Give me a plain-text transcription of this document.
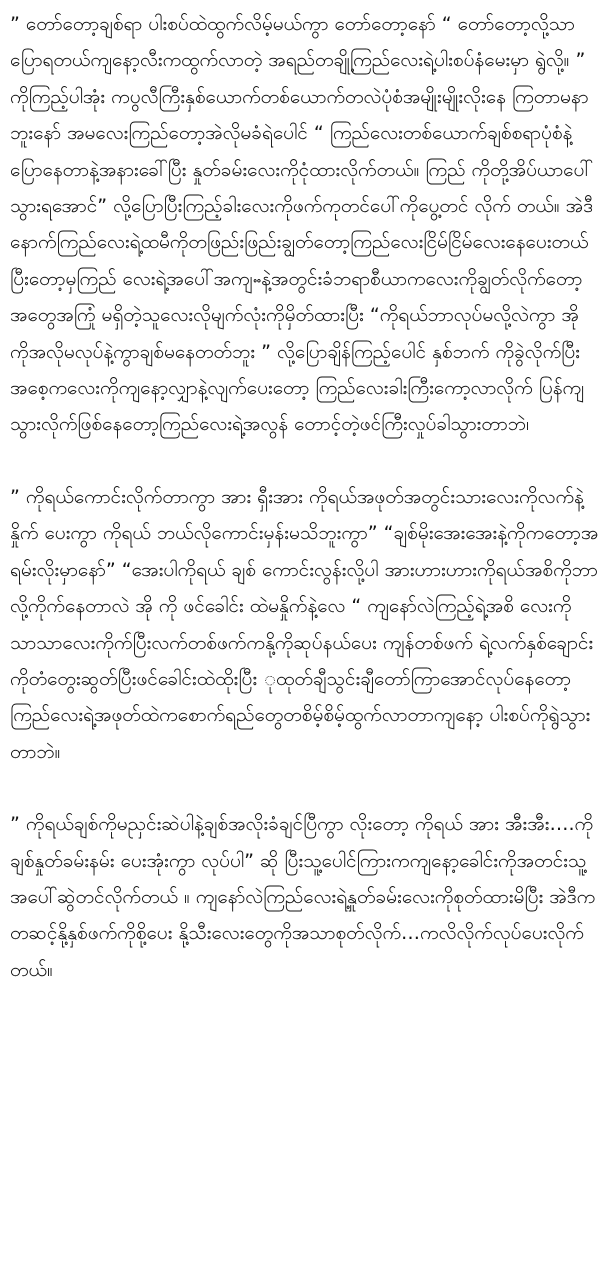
” တော်တော့ချစ်ရာ ပါးစပ်ထဲထွက်လိမ့်မယ်ကွာ တော်တော့နော် “ တော်တော့လို့သာပြောရတယ်ကျနော့လီးကထွက်လာတဲ့ အရည်တချို့ကြည်လေးရဲ့ပါးစပ်နံမေးမှာ ရွဲလို့။ ” ကိုကြည့်ပါအုံး ကပွလီကြီးနှစ်ယောက်တစ်ယောက်တလဲပုံစံအမျိုးမျိုးလိုးနေ ကြတာမနာဘူးနော် အမလေးကြည်တော့အဲလိုမခံရဲပေါင် “ ကြည်လေးတစ်ယောက်ချစ်စရာပုံစံနဲ့ပြောနေတာနဲ့အနားခေါ်ပြီး နှုတ်ခမ်းလေးကိုငုံထားလိုက်တယ်။ ကြည် ကိုတို့အိပ်ယာပေါ်သွားရအောင်” လို့ပြောပြီးကြည့်ခါးလေးကိုဖက်ကုတင်ပေါ်ကိုပွေ့တင် လိုက် တယ်။ အဲဒီနောက်ကြည်လေးရဲ့ထမီကိုတဖြည်းဖြည်းချွတ်တော့ကြည်လေးငြိမ်ငြိမ်လေးနေပေးတယ် ပြီးတော့မှကြည် လေးရဲ့အပေါ်အကျႌနဲ့အတွင်းခံဘရာစီယာကလေးကိုချွတ်လိုက်တော့အတွေအကြုံ မရှိတဲ့သူလေးလိုမျက်လုံးကိုမှိတ်ထားပြီး “ကိုရယ်ဘာလုပ်မလို့လဲကွာ အို ကိုအလိုမလုပ်နဲ့ကွာချစ်မနေတတ်ဘူး ” လို့ပြောချိန်ကြည့်ပေါင် နှစ်ဘက် ကိုခွဲလိုက်ပြီးအစေ့ကလေးကိုကျနော့လျှာနဲ့လျက်ပေးတော့ ကြည်လေးခါးကြီးကော့လာလိုက် ပြန်ကျသွားလိုက်ဖြစ်နေတော့ကြည်လေးရဲ့အလွန် တောင့်တဲ့ဖင်ကြီးလှုပ်ခါသွားတာဘဲ၊

” ကိုရယ်ကောင်းလိုက်တာကွာ အား ရှီးအား ကိုရယ်အဖုတ်အတွင်းသားလေးကိုလက်နဲ့နှိုက် ပေးကွာ ကိုရယ် ဘယ်လိုကောင်းမှန်းမသိဘူးကွာ” “ချစ်မိုးအေးအေးနဲ့ကိုကတော့အရမ်းလိုးမှာနော်” “အေးပါကိုရယ် ချစ် ကောင်းလွန်းလို့ပါ အားဟားဟားကိုရယ်အစိကိုဘာလို့ကိုက်နေတာလဲ အို ကို ဖင်ခေါင်း ထဲမနှိုက်နဲ့လေ “ ကျနော်လဲကြည့်ရဲ့အစိ လေးကိုသာသာလေးကိုက်ပြီးလက်တစ်ဖက်ကနို့ကိုဆုပ်နယ်ပေး ကျန်တစ်ဖက် ရဲ့လက်နှစ်ချောင်းကိုတံတွေးဆွတ်ပြီးဖင်ခေါင်းထဲထိုးပြီး ုထုတ်ချီသွင်းချီတော်ကြာအောင်လုပ်နေတော့ ကြည်လေးရဲ့အဖုတ်ထဲကစောက်ရည်တွေတစိမ့်စိမ့်ထွက်လာတာကျနော့ ပါးစပ်ကိုရွဲသွားတာဘဲ။

” ကိုရယ်ချစ်ကိုမညှင်းဆဲပါနဲ့ချစ်အလိုးခံချင်ပြီကွာ လိုးတော့ ကိုရယ် အား အီးအီး….ကိုချစ်နှုတ်ခမ်းနမ်း ပေးအုံးကွာ လုပ်ပါ” ဆို ပြီးသူ့ပေါင်ကြားကကျနော့ခေါင်းကိုအတင်းသူ့အပေါ်ဆွဲတင်လိုက်တယ် ။ ကျနော်လဲကြည်လေးရဲ့နှုတ်ခမ်းလေးကိုစုတ်ထားမိပြီး အဲဒီကတဆင့်နို့နှစ်ဖက်ကိုစို့ပေး နို့သီးလေးတွေကိုအသာစုတ်လိုက်…ကလိလိုက်လုပ်ပေးလိုက်တယ်။
